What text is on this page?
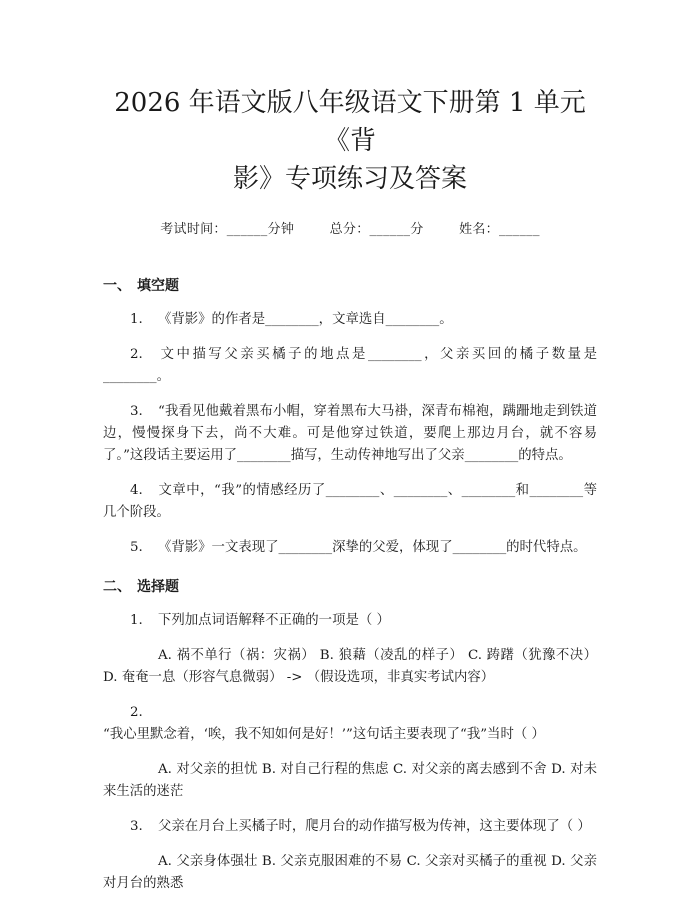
2026 年语文版八年级语文下册第 1 单元《背
影》专项练习及答案
考试时间：______分钟	总分：______分	姓名：______
一、 填空题
1. 《背影》的作者是________，文章选自________。
2. 文中描写父亲买橘子的地点是________，父亲买回的橘子数量是________。
3. “我看见他戴着黑布小帽，穿着黑布大马褂，深青布棉袍，蹒跚地走到铁道边，慢慢探身下去，尚不大难。可是他穿过铁道，要爬上那边月台，就不容易了。”这段话主要运用了________描写，生动传神地写出了父亲________的特点。
4. 文章中，“我”的情感经历了________、________、________和________等几个阶段。
5. 《背影》一文表现了________深挚的父爱，体现了________的时代特点。
二、 选择题
1. 下列加点词语解释不正确的一项是（ ）
A. 祸不单行（祸：灾祸） B. 狼藉（凌乱的样子） C. 踌躇（犹豫不决） D. 奄奄一息（形容气息微弱） -> （假设选项，非真实考试内容）
2.“我心里默念着，‘唉，我不知如何是好！’”这句话主要表现了“我”当时（ ）
A. 对父亲的担忧 B. 对自己行程的焦虑 C. 对父亲的离去感到不舍 D. 对未来生活的迷茫
3. 父亲在月台上买橘子时，爬月台的动作描写极为传神，这主要体现了（ ）
A. 父亲身体强壮 B. 父亲克服困难的不易 C. 父亲对买橘子的重视 D. 父亲对月台的熟悉
